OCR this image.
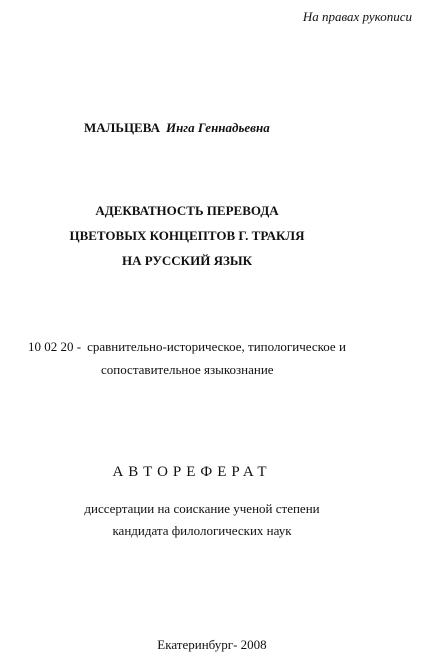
На правах рукописи
МАЛЬЦЕВА Инга Геннадьевна
АДЕКВАТНОСТЬ ПЕРЕВОДА
ЦВЕТОВЫХ КОНЦЕПТОВ Г. ТРАКЛЯ
НА РУССКИЙ ЯЗЫК
10 02 20 - сравнительно-историческое, типологическое и
сопоставительное языкознание
АВТОРЕФЕРАТ
диссертации на соискание ученой степени
кандидата филологических наук
Екатеринбург- 2008
